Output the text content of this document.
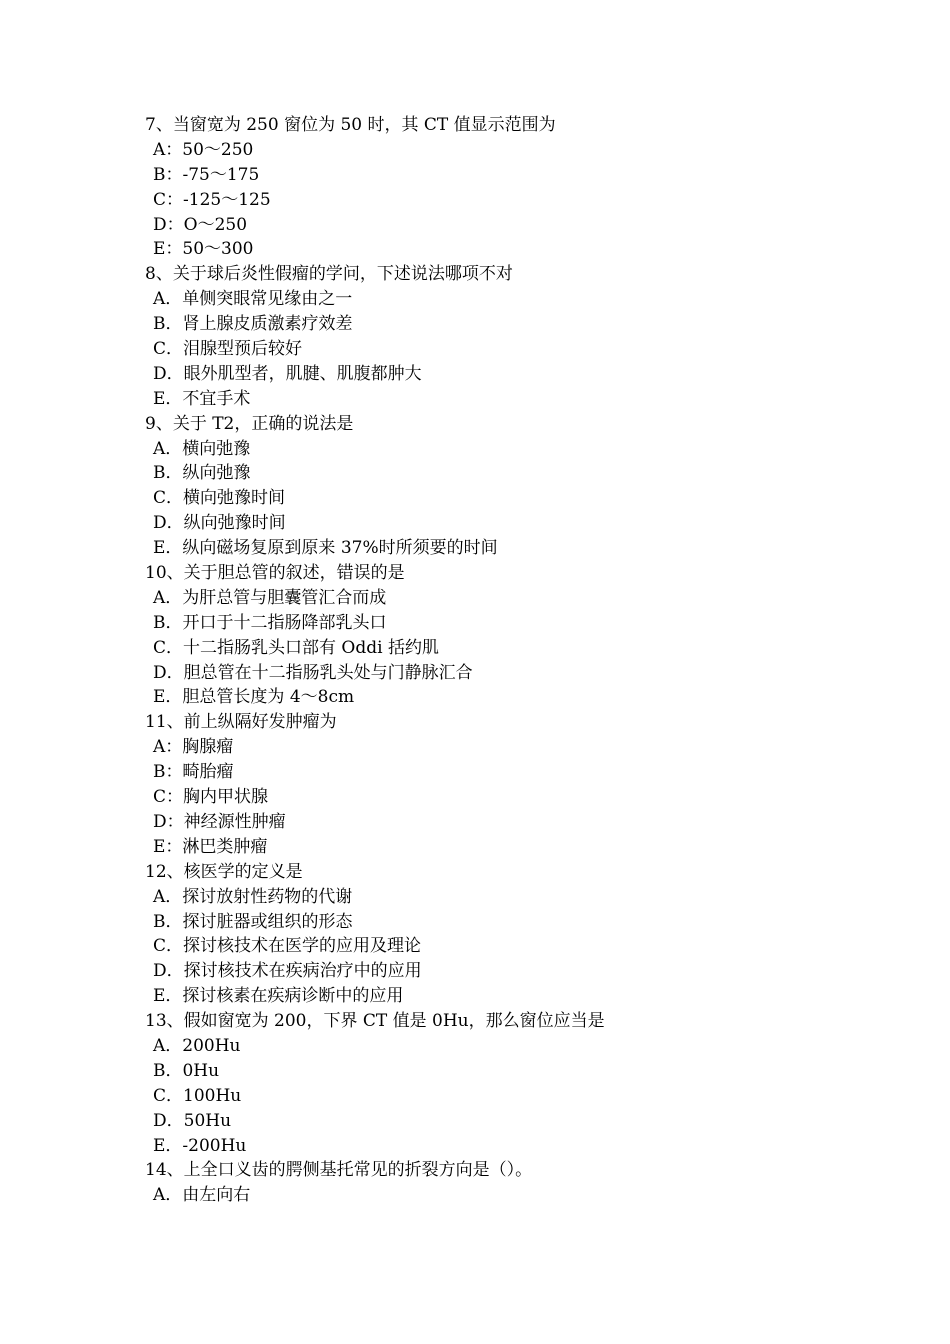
7、当窗宽为 250 窗位为 50 时，其 CT 值显示范围为
A：50～250
B：-75～175
C：-125～125
D：O～250
E：50～300
8、关于球后炎性假瘤的学问，下述说法哪项不对
A．单侧突眼常见缘由之一
B．肾上腺皮质激素疗效差
C．泪腺型预后较好
D．眼外肌型者，肌腱、肌腹都肿大
E．不宜手术
9、关于 T2，正确的说法是
A．横向弛豫
B．纵向弛豫
C．横向弛豫时间
D．纵向弛豫时间
E．纵向磁场复原到原来 37%时所须要的时间
10、关于胆总管的叙述，错误的是
A．为肝总管与胆囊管汇合而成
B．开口于十二指肠降部乳头口
C．十二指肠乳头口部有 Oddi 括约肌
D．胆总管在十二指肠乳头处与门静脉汇合
E．胆总管长度为 4～8cm
11、前上纵隔好发肿瘤为
A：胸腺瘤
B：畸胎瘤
C：胸内甲状腺
D：神经源性肿瘤
E：淋巴类肿瘤
12、核医学的定义是
A．探讨放射性药物的代谢
B．探讨脏器或组织的形态
C．探讨核技术在医学的应用及理论
D．探讨核技术在疾病治疗中的应用
E．探讨核素在疾病诊断中的应用
13、假如窗宽为 200，下界 CT 值是 0Hu，那么窗位应当是
A．200Hu
B．0Hu
C．100Hu
D．50Hu
E．-200Hu
14、上全口义齿的腭侧基托常见的折裂方向是（）。
A．由左向右
